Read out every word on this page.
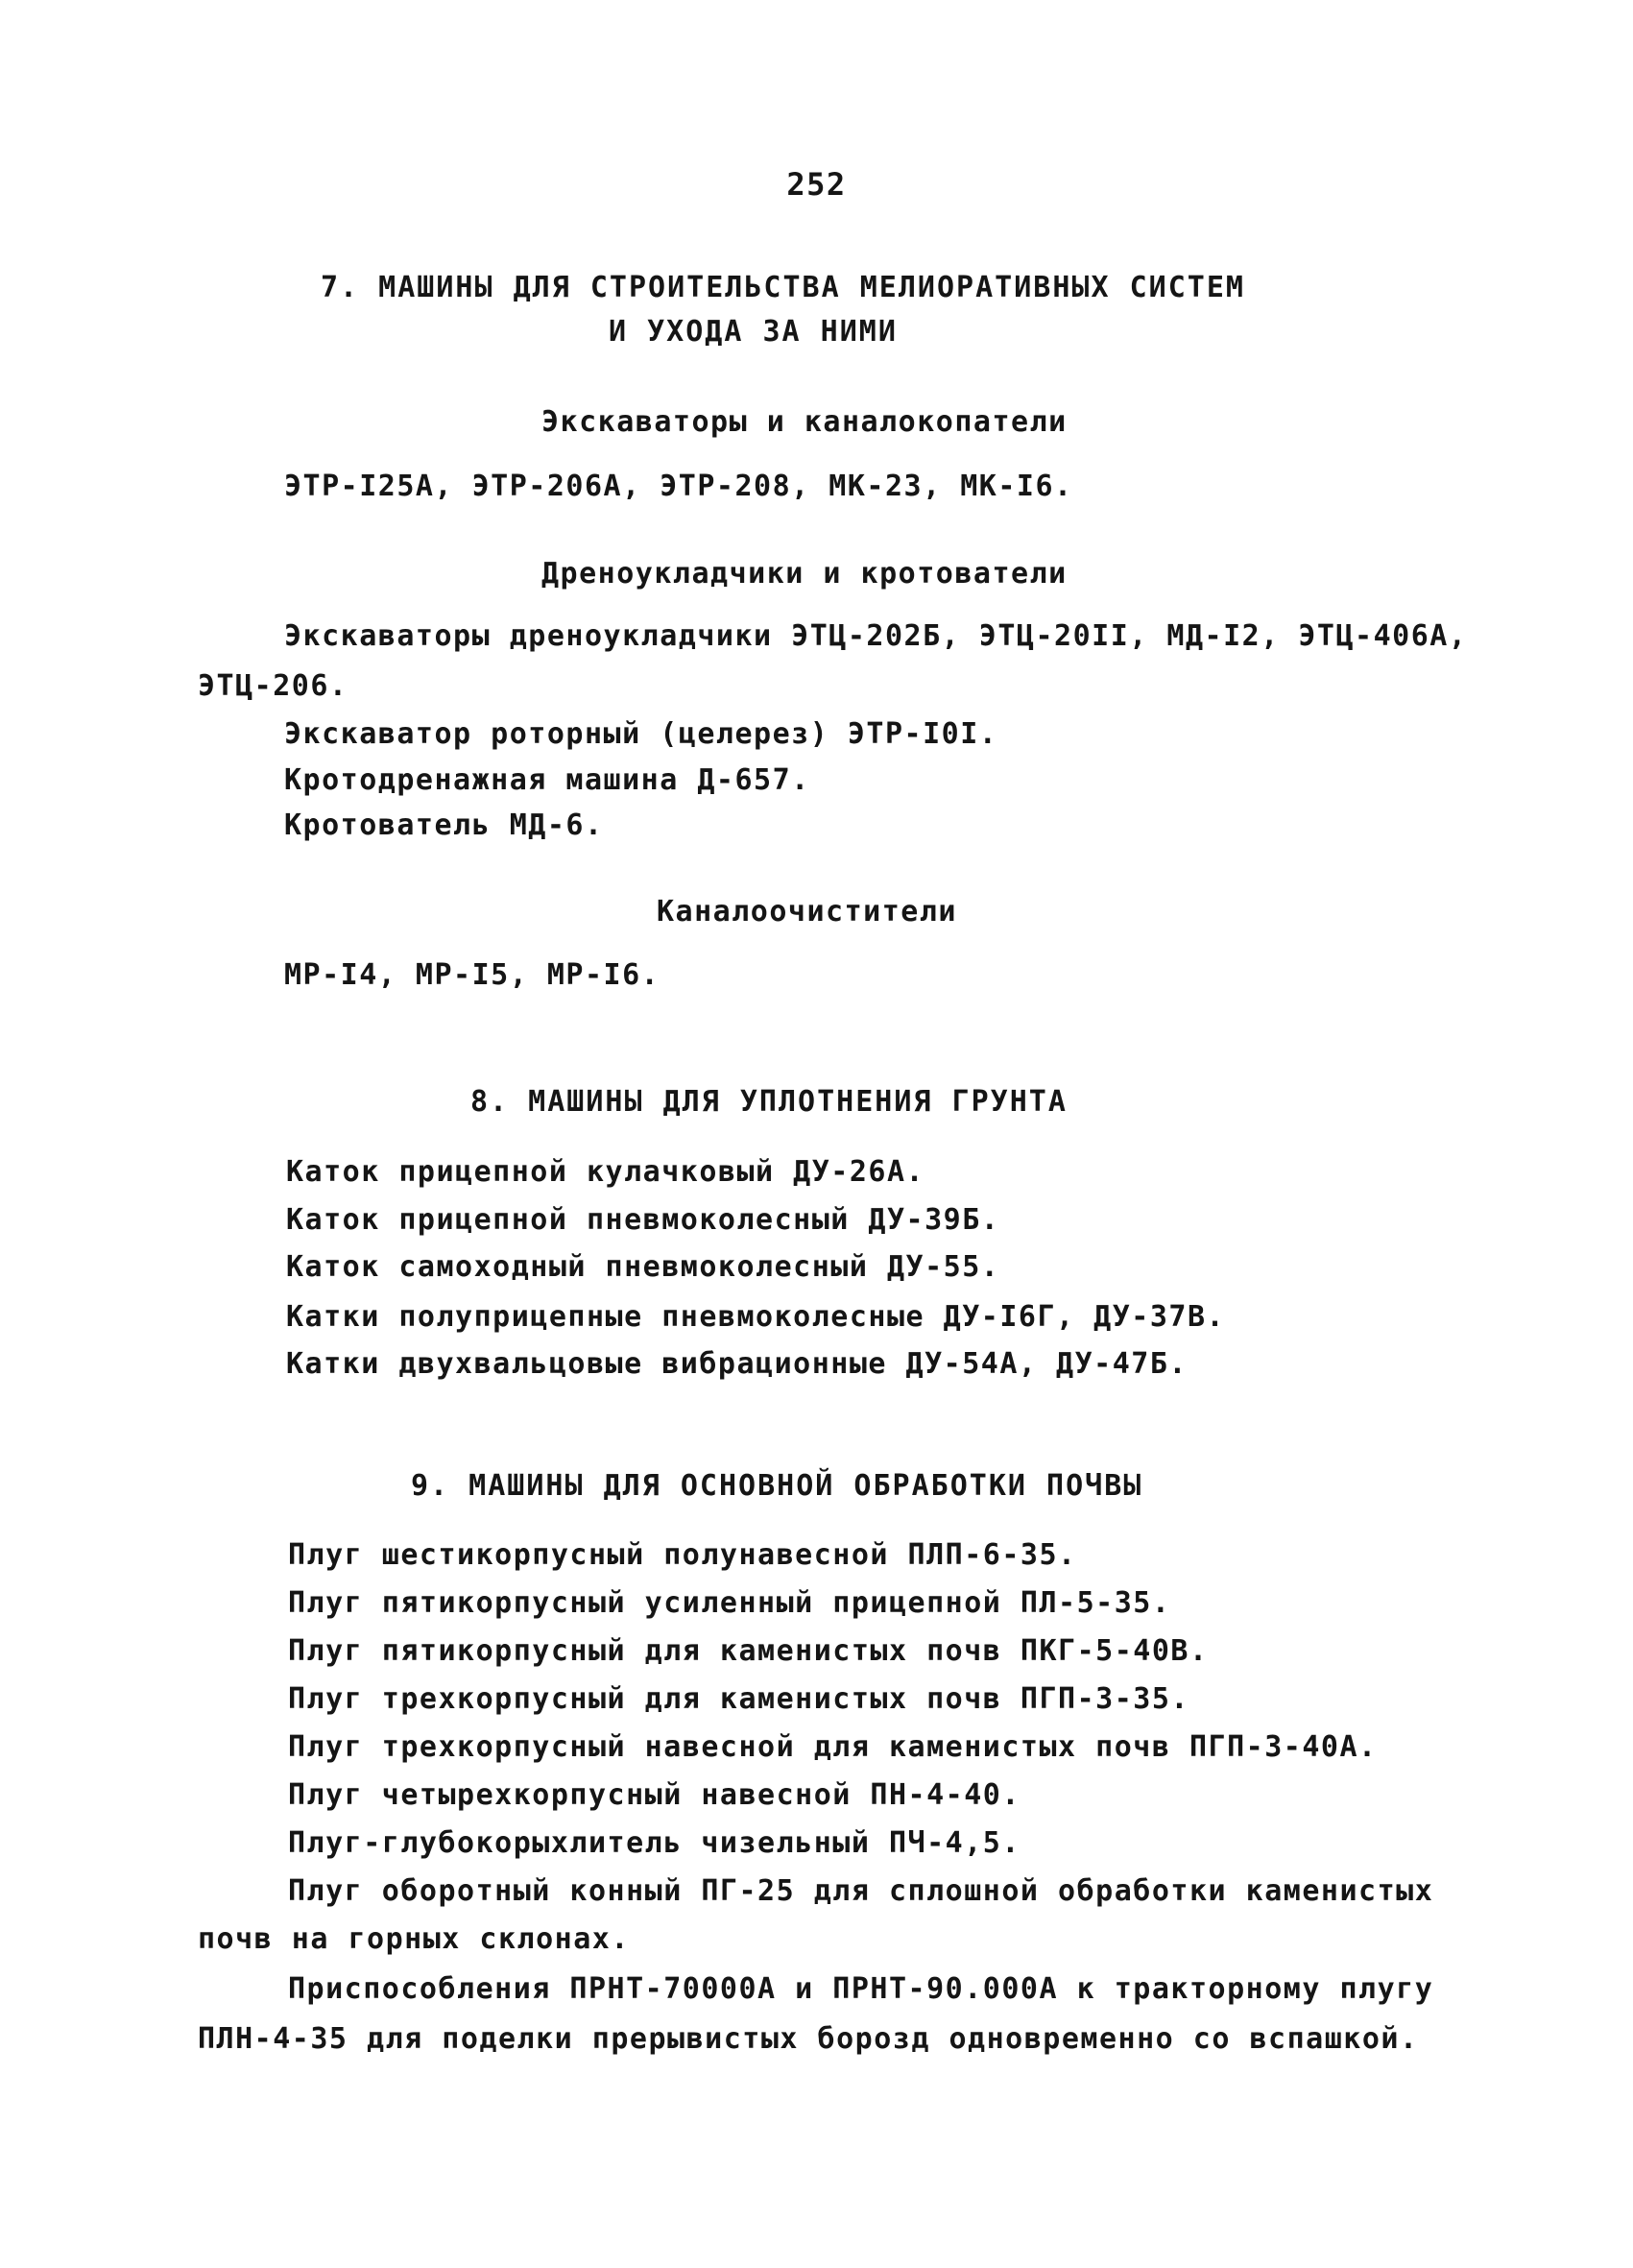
252

7. МАШИНЫ ДЛЯ СТРОИТЕЛЬСТВА МЕЛИОРАТИВНЫХ СИСТЕМ

И УХОДА ЗА НИМИ

Экскаваторы и каналокопатели

ЭТР-I25А, ЭТР-206А, ЭТР-208, МК-23, МК-I6.

Дреноукладчики и кротователи

Экскаваторы дреноукладчики ЭТЦ-202Б, ЭТЦ-20II, МД-I2, ЭТЦ-406А,

ЭТЦ-206.

Экскаватор роторный (целерез) ЭТР-I0I.

Кротодренажная машина Д-657.

Кротователь МД-6.

Каналоочистители

МР-I4, МР-I5, МР-I6.

8. МАШИНЫ ДЛЯ УПЛОТНЕНИЯ ГРУНТА

Каток прицепной кулачковый ДУ-26А.

Каток прицепной пневмоколесный ДУ-39Б.

Каток самоходный пневмоколесный ДУ-55.

Катки полуприцепные пневмоколесные ДУ-I6Г, ДУ-37В.

Катки двухвальцовые вибрационные ДУ-54А, ДУ-47Б.

9. МАШИНЫ ДЛЯ ОСНОВНОЙ ОБРАБОТКИ ПОЧВЫ

Плуг шестикорпусный полунавесной ПЛП-6-35.

Плуг пятикорпусный усиленный прицепной ПЛ-5-35.

Плуг пятикорпусный для каменистых почв ПКГ-5-40В.

Плуг трехкорпусный для каменистых почв ПГП-3-35.

Плуг трехкорпусный навесной для каменистых почв ПГП-3-40А.

Плуг четырехкорпусный навесной ПН-4-40.

Плуг-глубокорыхлитель чизельный ПЧ-4,5.

Плуг оборотный конный ПГ-25 для сплошной обработки каменистых

почв на горных склонах.

Приспособления ПРНТ-70000А и ПРНТ-90.000А к тракторному плугу

ПЛН-4-35 для поделки прерывистых борозд одновременно со вспашкой.
